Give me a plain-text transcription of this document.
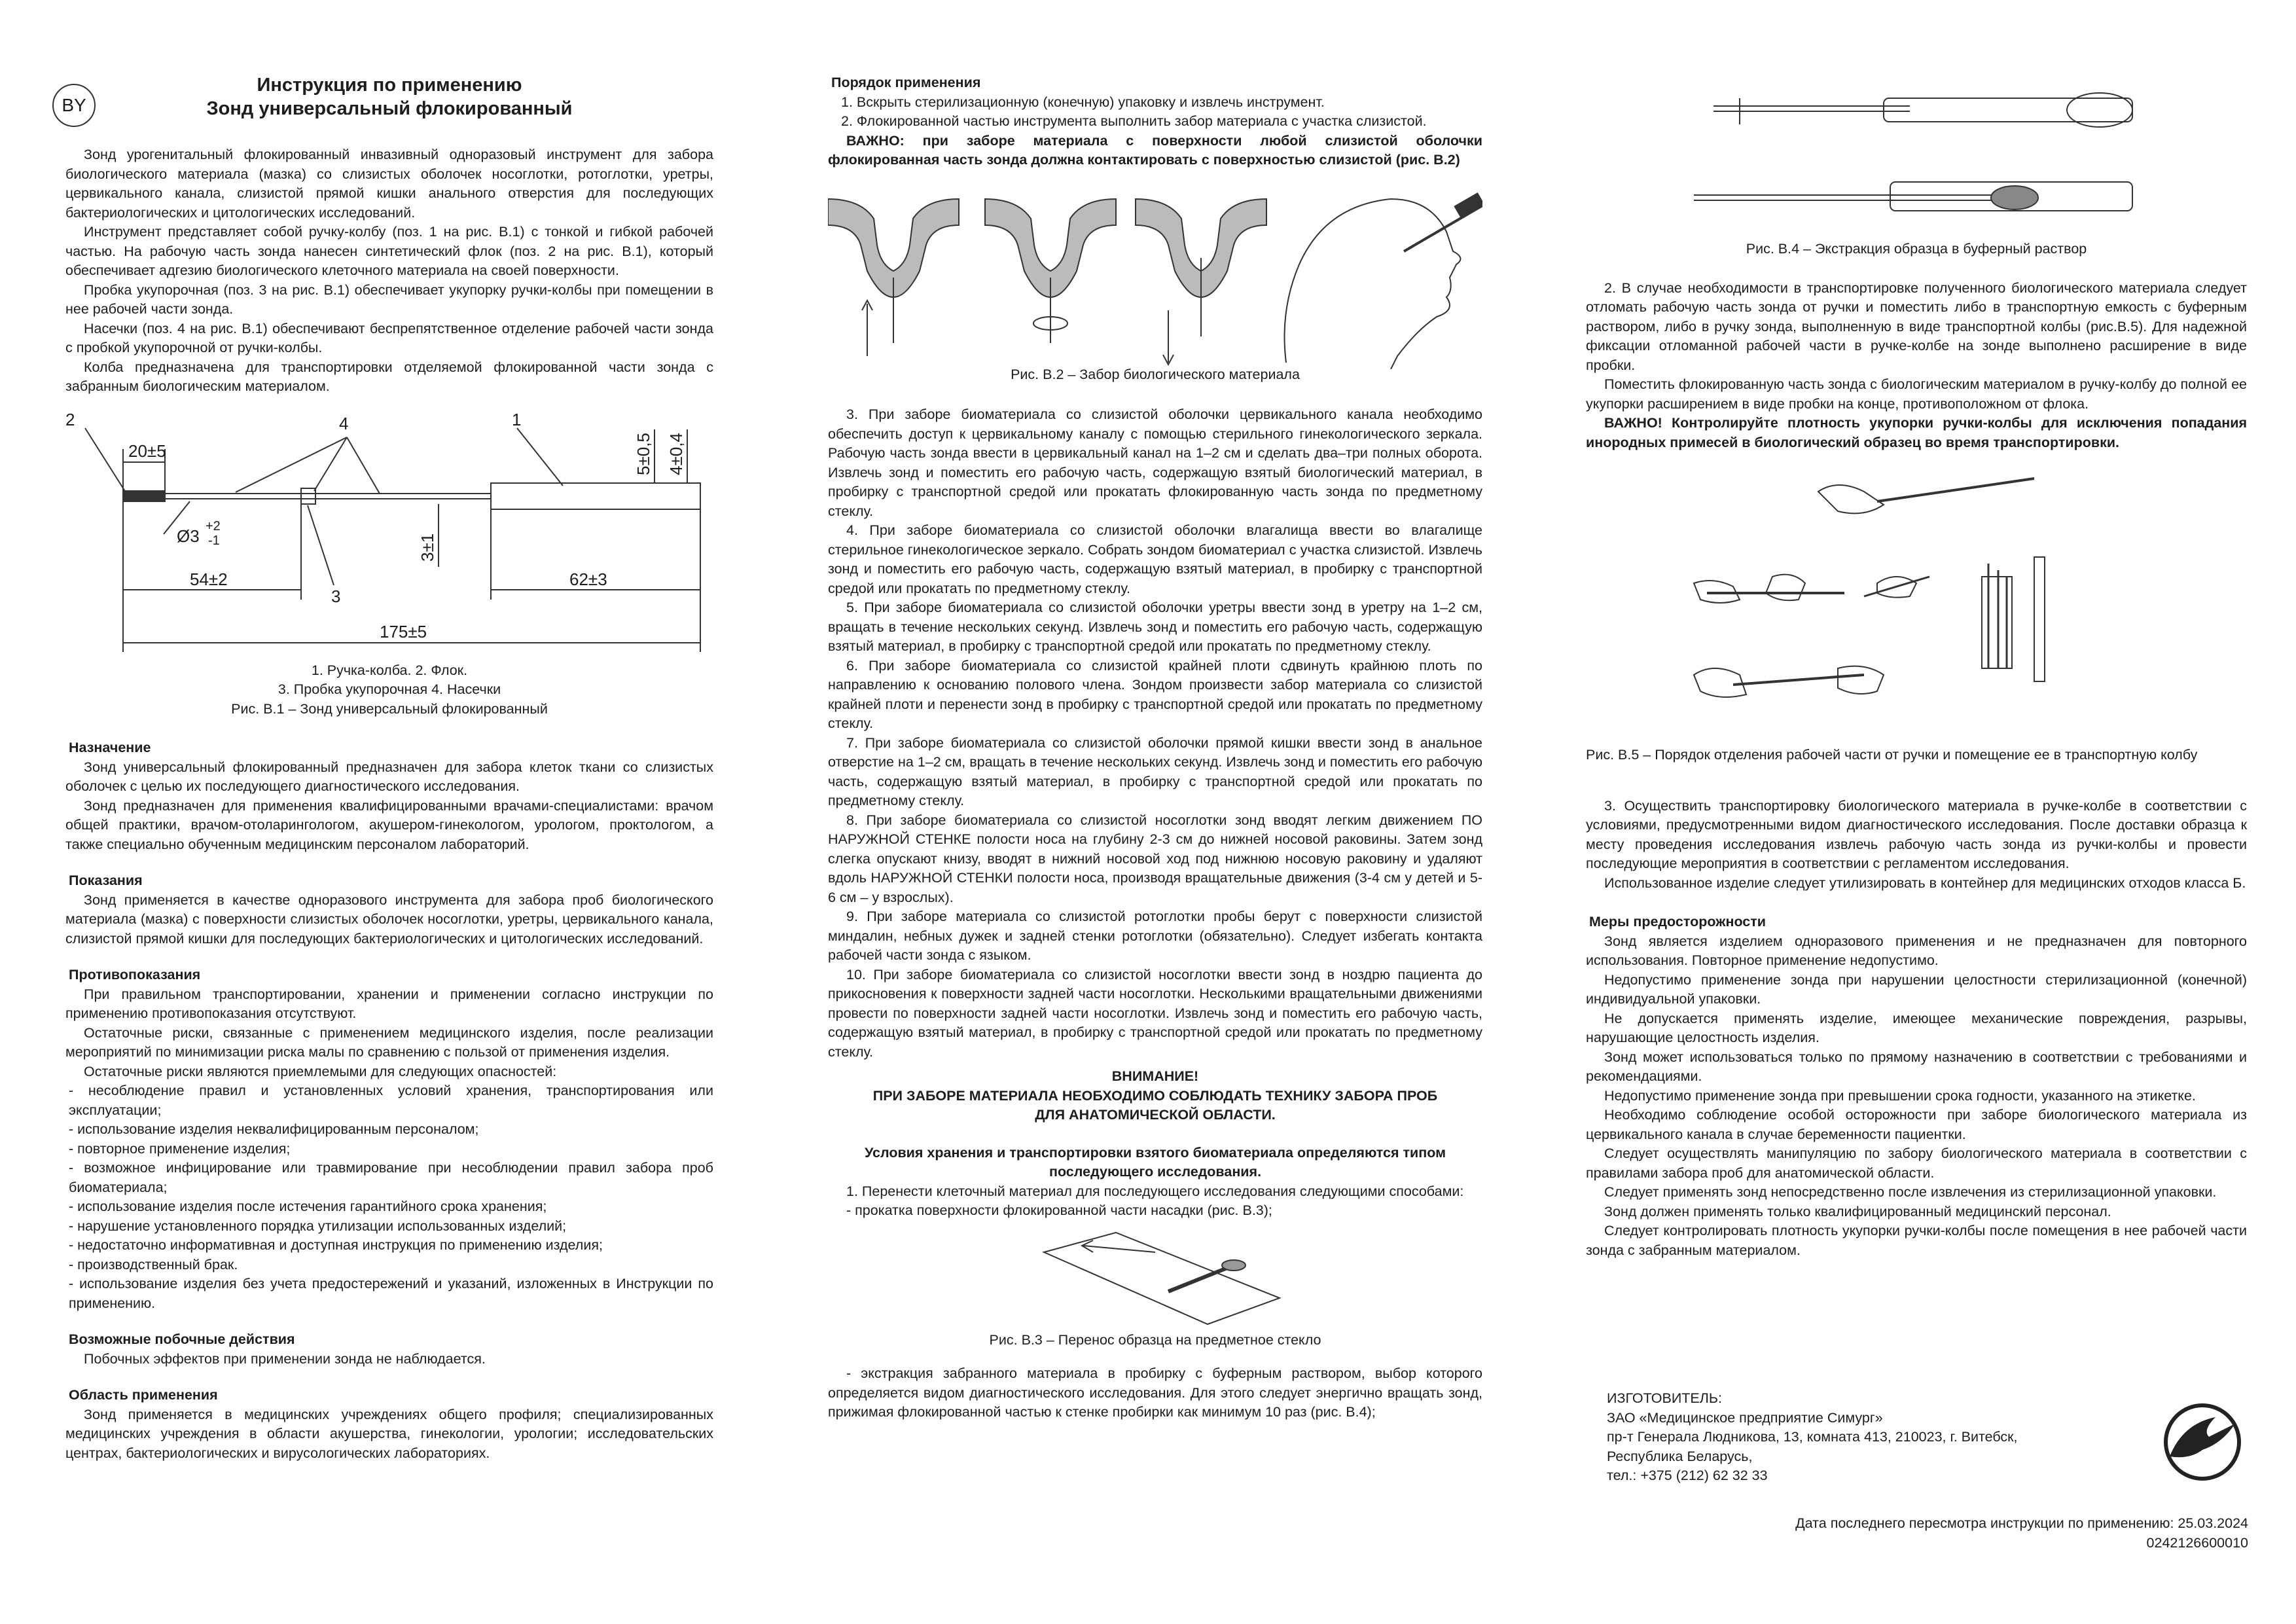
BY
Инструкция по применению
Зонд универсальный флокированный

Зонд урогенитальный флокированный инвазивный одноразовый инструмент для забора биологического материала (мазка) со слизистых оболочек носоглотки, ротоглотки, уретры, цервикального канала, слизистой прямой кишки анального отверстия для последующих бактериологических и цитологических исследований.

Инструмент представляет собой ручку-колбу (поз. 1 на рис. В.1) с тонкой и гибкой рабочей частью. На рабочую часть зонда нанесен синтетический флок (поз. 2 на рис. В.1), который обеспечивает адгезию биологического клеточного материала на своей поверхности.

Пробка укупорочная (поз. 3 на рис. В.1) обеспечивает укупорку ручки-колбы при помещении в нее рабочей части зонда.

Насечки (поз. 4 на рис. В.1) обеспечивают беспрепятственное отделение рабочей части зонда с пробкой укупорочной от ручки-колбы.

Колба предназначена для транспортировки отделяемой флокированной части зонда с забранным биологическим материалом.

2	4	1
20±5	5±0,5 4±0,4
Ø3 +2
-1	3±1
54±2
3
62±3
175±5
1. Ручка-колба. 2. Флок.
3. Пробка укупорочная 4. Насечки
Рис. В.1 – Зонд универсальный флокированный
Назначение

Зонд универсальный флокированный предназначен для забора клеток ткани со слизистых оболочек с целью их последующего диагностического исследования.

Зонд предназначен для применения квалифицированными врачами-специалистами: врачом общей практики, врачом-отоларингологом, акушером-гинекологом, урологом, проктологом, а также специально обученным медицинским персоналом лабораторий.

Показания

Зонд применяется в качестве одноразового инструмента для забора проб биологического материала (мазка) с поверхности слизистых оболочек носоглотки, уретры, цервикального канала, слизистой прямой кишки для последующих бактериологических и цитологических исследований.

Противопоказания

При правильном транспортировании, хранении и применении согласно инструкции по применению противопоказания отсутствуют.

Остаточные риски, связанные с применением медицинского изделия, после реализации мероприятий по минимизации риска малы по сравнению с пользой от применения изделия.

Остаточные риски являются приемлемыми для следующих опасностей:

- несоблюдение правил и установленных условий хранения, транспортирования или эксплуатации;

- использование изделия неквалифицированным персоналом;

- повторное применение изделия;

- возможное инфицирование или травмирование при несоблюдении правил забора проб биоматериала;

- использование изделия после истечения гарантийного срока хранения;

- нарушение установленного порядка утилизации использованных изделий;

- недостаточно информативная и доступная инструкция по применению изделия;

- производственный брак.

- использование изделия без учета предостережений и указаний, изложенных в Инструкции по применению.

Возможные побочные действия

Побочных эффектов при применении зонда не наблюдается.

Область применения

Зонд применяется в медицинских учреждениях общего профиля; специализированных медицинских учреждения в области акушерства, гинекологии, урологии; исследовательских центрах, бактериологических и вирусологических лабораториях.

Порядок применения

1. Вскрыть стерилизационную (конечную) упаковку и извлечь инструмент.

2. Флокированной частью инструмента выполнить забор материала с участка слизистой.

ВАЖНО: при заборе материала с поверхности любой слизистой оболочки флокированная часть зонда должна контактировать с поверхностью слизистой (рис. В.2)

Рис. В.2 – Забор биологического материала

3. При заборе биоматериала со слизистой оболочки цервикального канала необходимо обеспечить доступ к цервикальному каналу с помощью стерильного гинекологического зеркала. Рабочую часть зонда ввести в цервикальный канал на 1–2 см и сделать два–три полных оборота. Извлечь зонд и поместить его рабочую часть, содержащую взятый биологический материал, в пробирку с транспортной средой или прокатать флокированную часть зонда по предметному стеклу.

4. При заборе биоматериала со слизистой оболочки влагалища ввести во влагалище стерильное гинекологическое зеркало. Собрать зондом биоматериал с участка слизистой. Извлечь зонд и поместить его рабочую часть, содержащую взятый материал, в пробирку с транспортной средой или прокатать по предметному стеклу.

5. При заборе биоматериала со слизистой оболочки уретры ввести зонд в уретру на 1–2 см, вращать в течение нескольких секунд. Извлечь зонд и поместить его рабочую часть, содержащую взятый материал, в пробирку с транспортной средой или прокатать по предметному стеклу.

6. При заборе биоматериала со слизистой крайней плоти сдвинуть крайнюю плоть по направлению к основанию полового члена. Зондом произвести забор материала со слизистой крайней плоти и перенести зонд в пробирку с транспортной средой или прокатать по предметному стеклу.

7. При заборе биоматериала со слизистой оболочки прямой кишки ввести зонд в анальное отверстие на 1–2 см, вращать в течение нескольких секунд. Извлечь зонд и поместить его рабочую часть, содержащую взятый материал, в пробирку с транспортной средой или прокатать по предметному стеклу.

8. При заборе биоматериала со слизистой носоглотки зонд вводят легким движением ПО НАРУЖНОЙ СТЕНКЕ полости носа на глубину 2-3 см до нижней носовой раковины. Затем зонд слегка опускают книзу, вводят в нижний носовой ход под нижнюю носовую раковину и удаляют вдоль НАРУЖНОЙ СТЕНКИ полости носа, производя вращательные движения (3-4 см у детей и 5-6 см – у взрослых).

9. При заборе материала со слизистой ротоглотки пробы берут с поверхности слизистой миндалин, небных дужек и задней стенки ротоглотки (обязательно). Следует избегать контакта рабочей части зонда с языком.

10. При заборе биоматериала со слизистой носоглотки ввести зонд в ноздрю пациента до прикосновения к поверхности задней части носоглотки. Несколькими вращательными движениями провести по поверхности задней части носоглотки. Извлечь зонд и поместить его рабочую часть, содержащую взятый материал, в пробирку с транспортной средой или прокатать по предметному стеклу.

ВНИМАНИЕ!
ПРИ ЗАБОРЕ МАТЕРИАЛА НЕОБХОДИМО СОБЛЮДАТЬ ТЕХНИКУ ЗАБОРА ПРОБ ДЛЯ АНАТОМИЧЕСКОЙ ОБЛАСТИ.
Условия хранения и транспортировки взятого биоматериала определяются типом последующего исследования.

1. Перенести клеточный материал для последующего исследования следующими способами:

- прокатка поверхности флокированной части насадки (рис. В.3);

Рис. В.3 – Перенос образца на предметное стекло

- экстракция забранного материала в пробирку с буферным раствором, выбор которого определяется видом диагностического исследования. Для этого следует энергично вращать зонд, прижимая флокированной частью к стенке пробирки как минимум 10 раз (рис. В.4);

Рис. В.4 – Экстракция образца в буферный раствор

2. В случае необходимости в транспортировке полученного биологического материала следует отломать рабочую часть зонда от ручки и поместить либо в транспортную емкость с буферным раствором, либо в ручку зонда, выполненную в виде транспортной колбы (рис.В.5). Для надежной фиксации отломанной рабочей части в ручке-колбе на зонде выполнено расширение в виде пробки.

Поместить флокированную часть зонда с биологическим материалом в ручку-колбу до полной ее укупорки расширением в виде пробки на конце, противоположном от флока.

ВАЖНО! Контролируйте плотность укупорки ручки-колбы для исключения попадания инородных примесей в биологический образец во время транспортировки.

Рис. В.5 – Порядок отделения рабочей части от ручки и помещение ее в транспортную колбу

3. Осуществить транспортировку биологического материала в ручке-колбе в соответствии с условиями, предусмотренными видом диагностического исследования. После доставки образца к месту проведения исследования извлечь рабочую часть зонда из ручки-колбы и провести последующие мероприятия в соответствии с регламентом исследования.

Использованное изделие следует утилизировать в контейнер для медицинских отходов класса Б.

Меры предосторожности

Зонд является изделием одноразового применения и не предназначен для повторного использования. Повторное применение недопустимо.

Недопустимо применение зонда при нарушении целостности стерилизационной (конечной) индивидуальной упаковки.

Не допускается применять изделие, имеющее механические повреждения, разрывы, нарушающие целостность изделия.

Зонд может использоваться только по прямому назначению в соответствии с требованиями и рекомендациями.

Недопустимо применение зонда при превышении срока годности, указанного на этикетке.

Необходимо соблюдение особой осторожности при заборе биологического материала из цервикального канала в случае беременности пациентки.

Следует осуществлять манипуляцию по забору биологического материала в соответствии с правилами забора проб для анатомической области.

Следует применять зонд непосредственно после извлечения из стерилизационной упаковки.

Зонд должен применять только квалифицированный медицинский персонал.

Следует контролировать плотность укупорки ручки-колбы после помещения в нее рабочей части зонда с забранным материалом.

ИЗГОТОВИТЕЛЬ:
ЗАО «Медицинское предприятие Симург»
пр-т Генерала Людникова, 13, комната 413, 210023, г. Витебск,
Республика Беларусь,
тел.: +375 (212) 62 32 33
Дата последнего пересмотра инструкции по применению: 25.03.2024
0242126600010
